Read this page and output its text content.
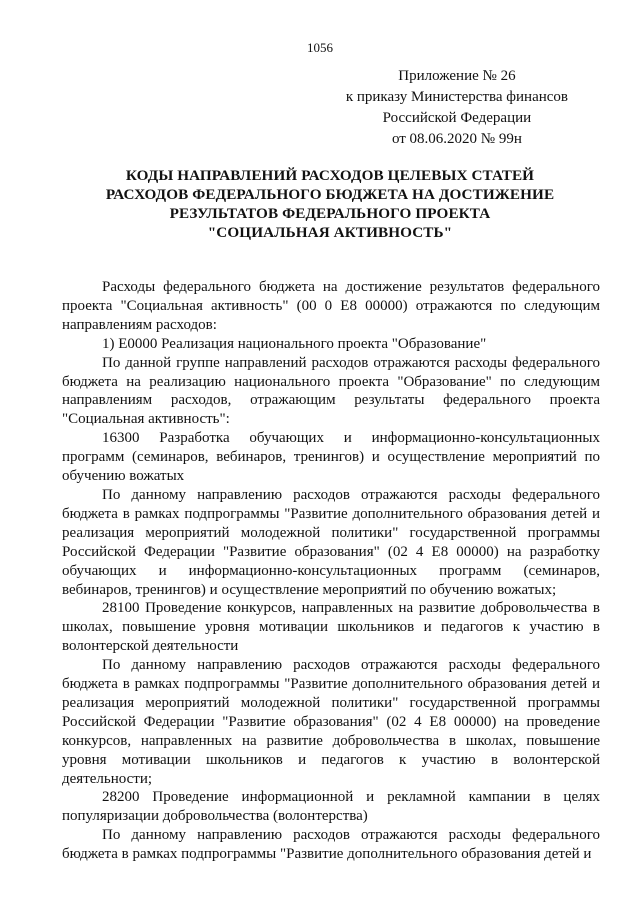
1056
Приложение № 26
к приказу Министерства финансов
Российской Федерации
от 08.06.2020 № 99н
КОДЫ НАПРАВЛЕНИЙ РАСХОДОВ ЦЕЛЕВЫХ СТАТЕЙ
РАСХОДОВ ФЕДЕРАЛЬНОГО БЮДЖЕТА НА ДОСТИЖЕНИЕ
РЕЗУЛЬТАТОВ ФЕДЕРАЛЬНОГО ПРОЕКТА
"СОЦИАЛЬНАЯ АКТИВНОСТЬ"

Расходы федерального бюджета на достижение результатов федерального проекта "Социальная активность" (00 0 Е8 00000) отражаются по следующим направлениям расходов:

1) Е0000 Реализация национального проекта "Образование"

По данной группе направлений расходов отражаются расходы федерального бюджета на реализацию национального проекта "Образование" по следующим направлениям расходов, отражающим результаты федерального проекта "Социальная активность":

16300 Разработка обучающих и информационно-консультационных программ (семинаров, вебинаров, тренингов) и осуществление мероприятий по обучению вожатых

По данному направлению расходов отражаются расходы федерального бюджета в рамках подпрограммы "Развитие дополнительного образования детей и реализация мероприятий молодежной политики" государственной программы Российской Федерации "Развитие образования" (02 4 Е8 00000) на разработку обучающих и информационно-консультационных программ (семинаров, вебинаров, тренингов) и осуществление мероприятий по обучению вожатых;

28100 Проведение конкурсов, направленных на развитие добровольчества в школах, повышение уровня мотивации школьников и педагогов к участию в волонтерской деятельности

По данному направлению расходов отражаются расходы федерального бюджета в рамках подпрограммы "Развитие дополнительного образования детей и реализация мероприятий молодежной политики" государственной программы Российской Федерации "Развитие образования" (02 4 Е8 00000) на проведение конкурсов, направленных на развитие добровольчества в школах, повышение уровня мотивации школьников и педагогов к участию в волонтерской деятельности;

28200 Проведение информационной и рекламной кампании в целях популяризации добровольчества (волонтерства)

По данному направлению расходов отражаются расходы федерального бюджета в рамках подпрограммы "Развитие дополнительного образования детей и
